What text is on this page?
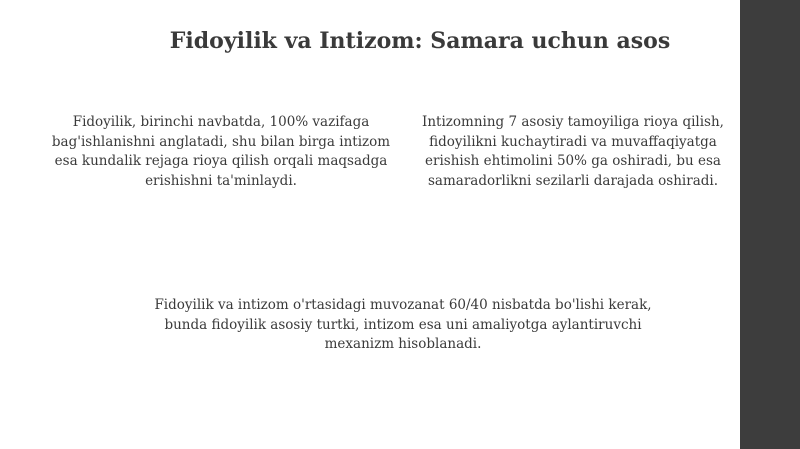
Fidoyilik va Intizom: Samara uchun asos
Fidoyilik, birinchi navbatda, 100% vazifaga bag'ishlanishni anglatadi, shu bilan birga intizom esa kundalik rejaga rioya qilish orqali maqsadga erishishni ta'minlaydi.
Intizomning 7 asosiy tamoyiliga rioya qilish, fidoyilikni kuchaytiradi va muvaffaqiyatga erishish ehtimolini 50% ga oshiradi, bu esa samaradorlikni sezilarli darajada oshiradi.
Fidoyilik va intizom o'rtasidagi muvozanat 60/40 nisbatda bo'lishi kerak, bunda fidoyilik asosiy turtki, intizom esa uni amaliyotga aylantiruvchi mexanizm hisoblanadi.
